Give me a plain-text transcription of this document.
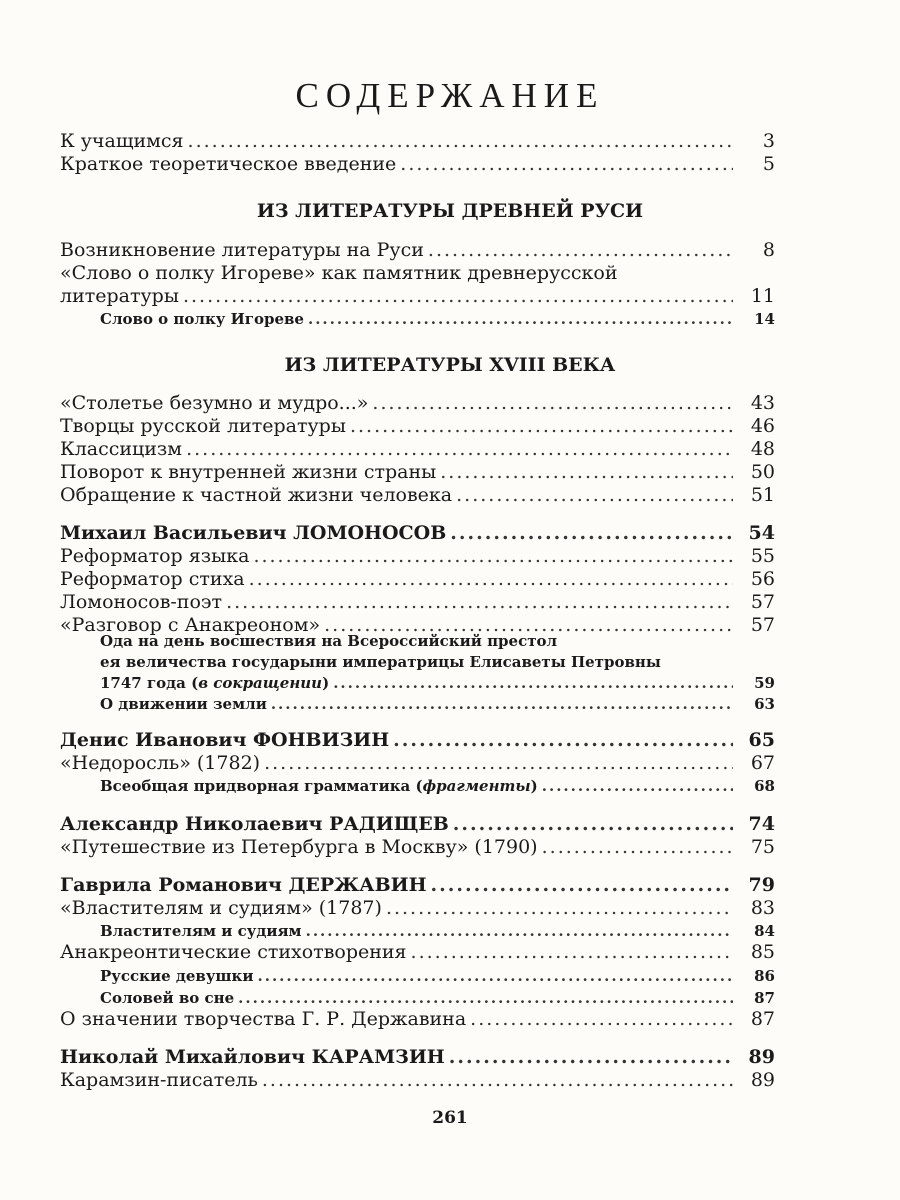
СОДЕРЖАНИЕ
К учащимся .....	3
Краткое теоретическое введение .....	5
ИЗ ЛИТЕРАТУРЫ ДРЕВНЕЙ РУСИ
Возникновение литературы на Руси .....	8
«Слово о полку Игореве» как памятник древнерусской
литературы .....	11
Слово о полку Игореве .....	14
ИЗ ЛИТЕРАТУРЫ XVIII ВЕКА
«Столетье безумно и мудро...» .....	43
Творцы русской литературы .....	46
Классицизм .....	48
Поворот к внутренней жизни страны .....	50
Обращение к частной жизни человека .....	51
Михаил Васильевич ЛОМОНОСОВ .....	54
Реформатор языка .....	55
Реформатор стиха .....	56
Ломоносов-поэт .....	57
«Разговор с Анакреоном» .....	57
Ода на день восшествия на Всероссийский престол
ея величества государыни императрицы Елисаветы Петровны
1747 года (в сокращении) .....	59
О движении земли .....	63
Денис Иванович ФОНВИЗИН .....	65
«Недоросль» (1782) .....	67
Всеобщая придворная грамматика (фрагменты) .....	68
Александр Николаевич РАДИЩЕВ .....	74
«Путешествие из Петербурга в Москву» (1790) .....	75
Гаврила Романович ДЕРЖАВИН .....	79
«Властителям и судиям» (1787) .....	83
Властителям и судиям .....	84
Анакреонтические стихотворения .....	85
Русские девушки .....	86
Соловей во сне .....	87
О значении творчества Г. Р. Державина .....	87
Николай Михайлович КАРАМЗИН .....	89
Карамзин-писатель .....	89
261
